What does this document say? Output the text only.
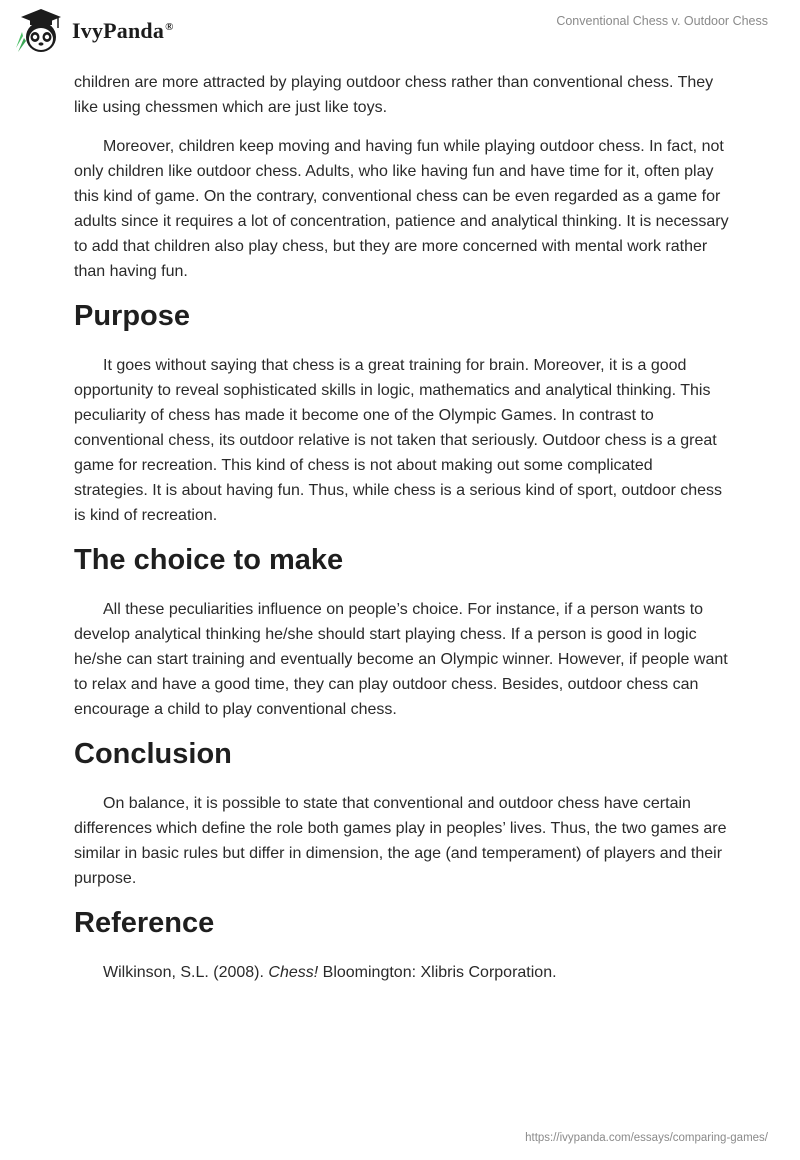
IvyPanda®	Conventional Chess v. Outdoor Chess

children are more attracted by playing outdoor chess rather than conventional chess. They like using chessmen which are just like toys.

Moreover, children keep moving and having fun while playing outdoor chess. In fact, not only children like outdoor chess. Adults, who like having fun and have time for it, often play this kind of game. On the contrary, conventional chess can be even regarded as a game for adults since it requires a lot of concentration, patience and analytical thinking. It is necessary to add that children also play chess, but they are more concerned with mental work rather than having fun.

Purpose

It goes without saying that chess is a great training for brain. Moreover, it is a good opportunity to reveal sophisticated skills in logic, mathematics and analytical thinking. This peculiarity of chess has made it become one of the Olympic Games. In contrast to conventional chess, its outdoor relative is not taken that seriously. Outdoor chess is a great game for recreation. This kind of chess is not about making out some complicated strategies. It is about having fun. Thus, while chess is a serious kind of sport, outdoor chess is kind of recreation.

The choice to make

All these peculiarities influence on people’s choice. For instance, if a person wants to develop analytical thinking he/she should start playing chess. If a person is good in logic he/she can start training and eventually become an Olympic winner. However, if people want to relax and have a good time, they can play outdoor chess. Besides, outdoor chess can encourage a child to play conventional chess.

Conclusion

On balance, it is possible to state that conventional and outdoor chess have certain differences which define the role both games play in peoples’ lives. Thus, the two games are similar in basic rules but differ in dimension, the age (and temperament) of players and their purpose.

Reference

Wilkinson, S.L. (2008). Chess! Bloomington: Xlibris Corporation.

https://ivypanda.com/essays/comparing-games/
